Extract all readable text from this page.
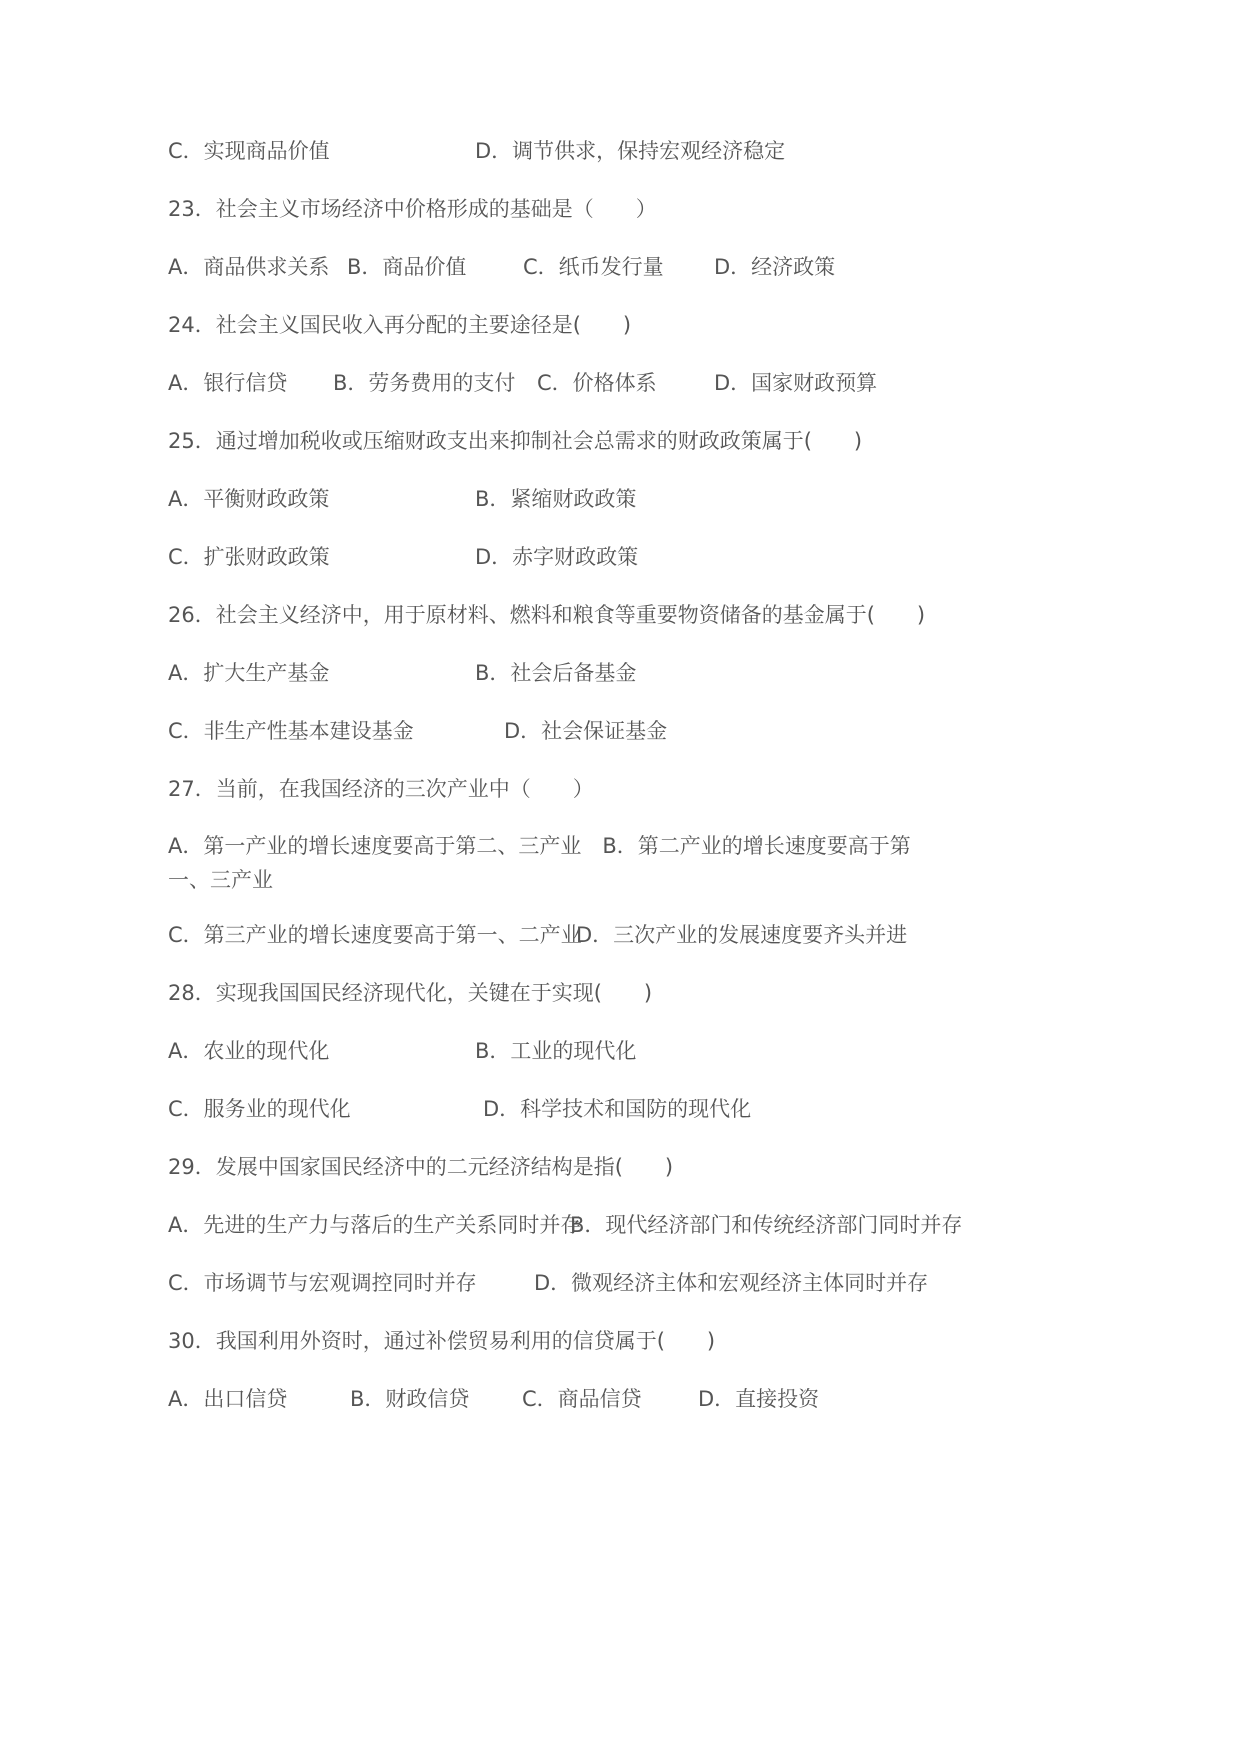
C．实现商品价值	D．调节供求，保持宏观经济稳定
23．社会主义市场经济中价格形成的基础是（　　）
A．商品供求关系 B．商品价值	C．纸币发行量 D．经济政策
24．社会主义国民收入再分配的主要途径是(　　)
A．银行信贷 B．劳务费用的支付 C．价格体系	D．国家财政预算
25．通过增加税收或压缩财政支出来抑制社会总需求的财政政策属于(　　)
A．平衡财政政策	B．紧缩财政政策
C．扩张财政政策	D．赤字财政政策
26．社会主义经济中，用于原材料、燃料和粮食等重要物资储备的基金属于(　　)
A．扩大生产基金	B．社会后备基金
C．非生产性基本建设基金	D．社会保证基金
27．当前，在我国经济的三次产业中（　　）
A．第一产业的增长速度要高于第二、三产业　B．第二产业的增长速度要高于第一、三产业
C．第三产业的增长速度要高于第一、二产业
D．三次产业的发展速度要齐头并进
28．实现我国国民经济现代化，关键在于实现(　　)
A．农业的现代化	B．工业的现代化
C．服务业的现代化	D．科学技术和国防的现代化
29．发展中国家国民经济中的二元经济结构是指(　　)
A．先进的生产力与落后的生产关系同时并存
B．现代经济部门和传统经济部门同时并存
C．市场调节与宏观调控同时并存	D．微观经济主体和宏观经济主体同时并存
30．我国利用外资时，通过补偿贸易利用的信贷属于(　　)
A．出口信贷	B．财政信贷	C．商品信贷	D．直接投资
